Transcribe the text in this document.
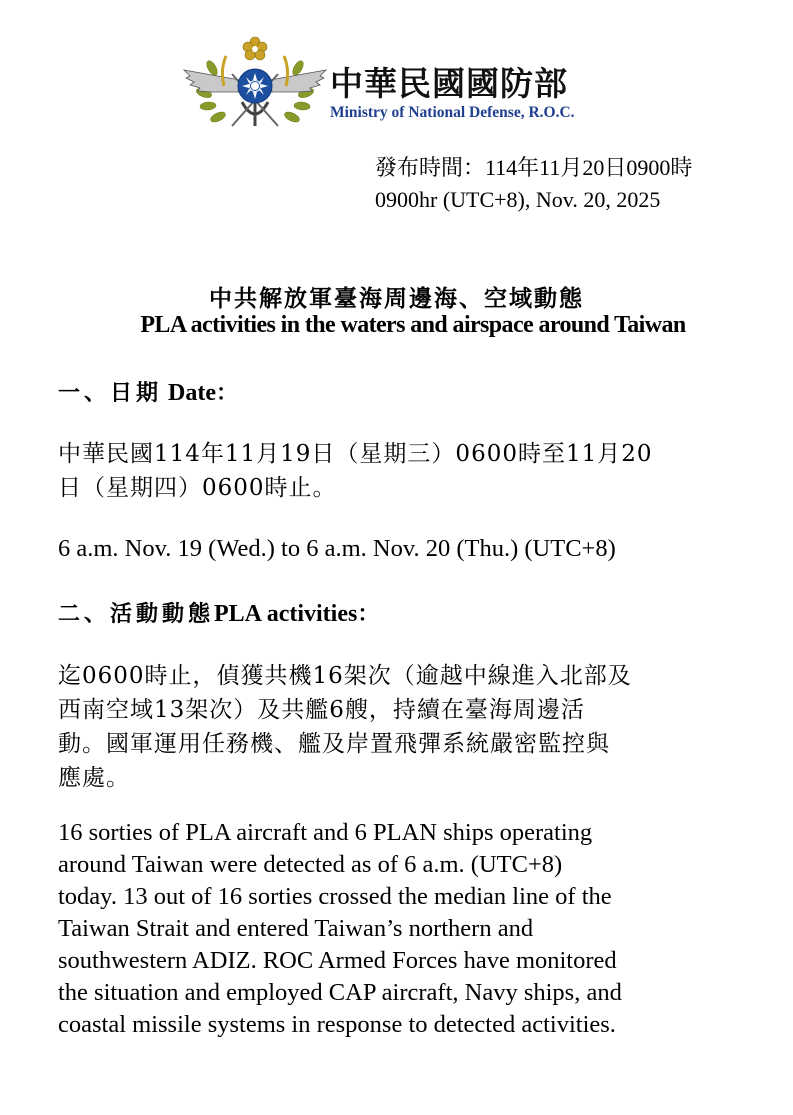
中華民國國防部
Ministry of National Defense, R.O.C.
發布時間：114年11月20日0900時
0900hr (UTC+8), Nov. 20, 2025
中共解放軍臺海周邊海、空域動態
PLA activities in the waters and airspace around Taiwan
一、日期 Date：
中華民國114年11月19日（星期三）0600時至11月20
日（星期四）0600時止。
6 a.m. Nov. 19 (Wed.) to 6 a.m. Nov. 20 (Thu.) (UTC+8)
二、活動動態PLA activities：
迄0600時止，偵獲共機16架次（逾越中線進入北部及
西南空域13架次）及共艦6艘，持續在臺海周邊活
動。國軍運用任務機、艦及岸置飛彈系統嚴密監控與
應處。
16 sorties of PLA aircraft and 6 PLAN ships operating
around Taiwan were detected as of 6 a.m. (UTC+8)
today. 13 out of 16 sorties crossed the median line of the
Taiwan Strait and entered Taiwan’s northern and
southwestern ADIZ. ROC Armed Forces have monitored
the situation and employed CAP aircraft, Navy ships, and
coastal missile systems in response to detected activities.
